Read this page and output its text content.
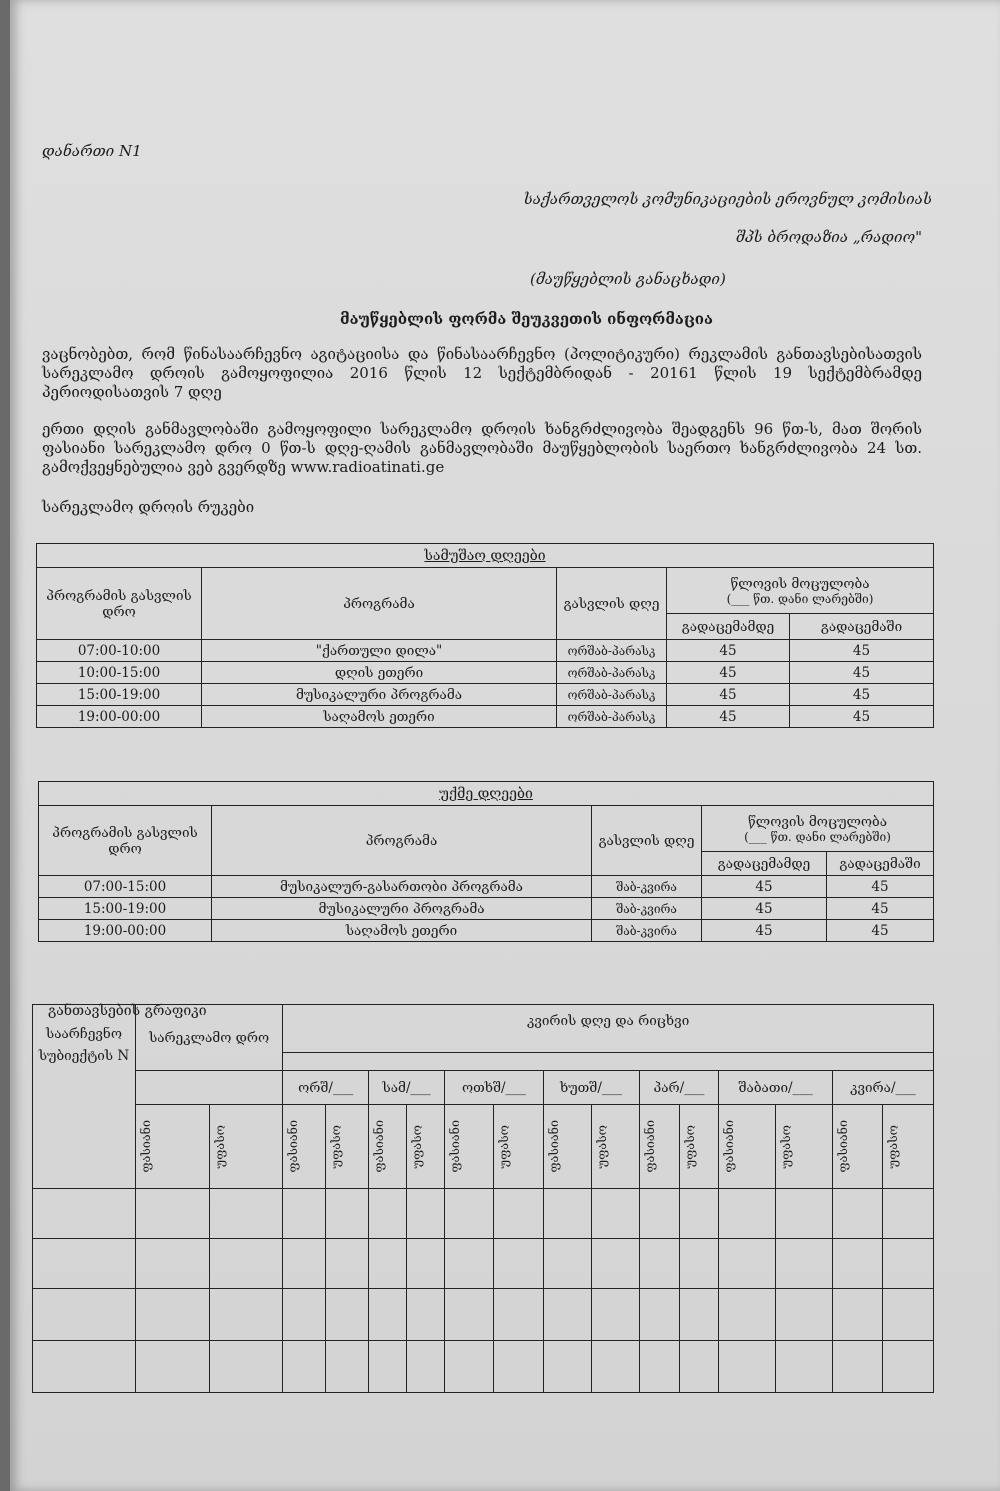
დანართი N1
საქართველოს კომუნიკაციების ეროვნულ კომისიას
შპს ბროდაზია „რადიო"
(მაუწყებლის განაცხადი)
მაუწყებლის ფორმა შეუკვეთის ინფორმაცია
ვაცნობებთ, რომ წინასაარჩევნო აგიტაციისა და წინასაარჩევნო (პოლიტიკური) რეკლამის განთავსებისათვის სარეკლამო დროის გამოყოფილია 2016 წლის 12 სექტემბრიდან - 20161 წლის 19 სექტემბრამდე პერიოდისათვის 7 დღე
ერთი დღის განმავლობაში გამოყოფილი სარეკლამო დროის ხანგრძლივობა შეადგენს 96 წთ-ს, მათ შორის ფასიანი სარეკლამო დრო 0 წთ-ს დღე-ღამის განმავლობაში მაუწყებლობის საერთო ხანგრძლივობა 24 სთ. გამოქვეყნებულია ვებ გვერდზე www.radioatinati.ge
სარეკლამო დროის რუკები
სამუშაო დღეები				
პროგრამის გასვლის დრო	პროგრამა	გასვლის დღე	წლოვის მოცულობა
(___ წთ. დანი ლარებში)	

			გადაცემამდე	გადაცემაში
07:00-10:00	"ქართული დილა"	ორშაბ-პარასკ	45	45
10:00-15:00	დღის ეთერი	ორშაბ-პარასკ	45	45
15:00-19:00	მუსიკალური პროგრამა	ორშაბ-პარასკ	45	45
19:00-00:00	საღამოს ეთერი	ორშაბ-პარასკ	45	45
უქმე დღეები				
პროგრამის გასვლის დრო	პროგრამა	გასვლის დღე	წლოვის მოცულობა
(___ წთ. დანი ლარებში)	

			გადაცემამდე	გადაცემაში
07:00-15:00	მუსიკალურ-გასართობი პროგრამა	შაბ-კვირა	45	45
15:00-19:00	მუსიკალური პროგრამა	შაბ-კვირა	45	45
19:00-00:00	საღამოს ეთერი	შაბ-კვირა	45	45
განთავსების გრაფიკი
საარჩევნო სუბიექტის N	სარეკლამო დრო		კვირის დღე და რიცხვი													

			ორშ/___		სამ/___		ოთხშ/___		ხუთშ/___		პარ/___		შაბათი/___		კვირა/___	

	ფასიანი	უფასო	ფასიანი	უფასო	ფასიანი	უფასო	ფასიანი	უფასო	ფასიანი	უფასო	ფასიანი	უფასო	ფასიანი	უფასო	ფასიანი	უფასო
